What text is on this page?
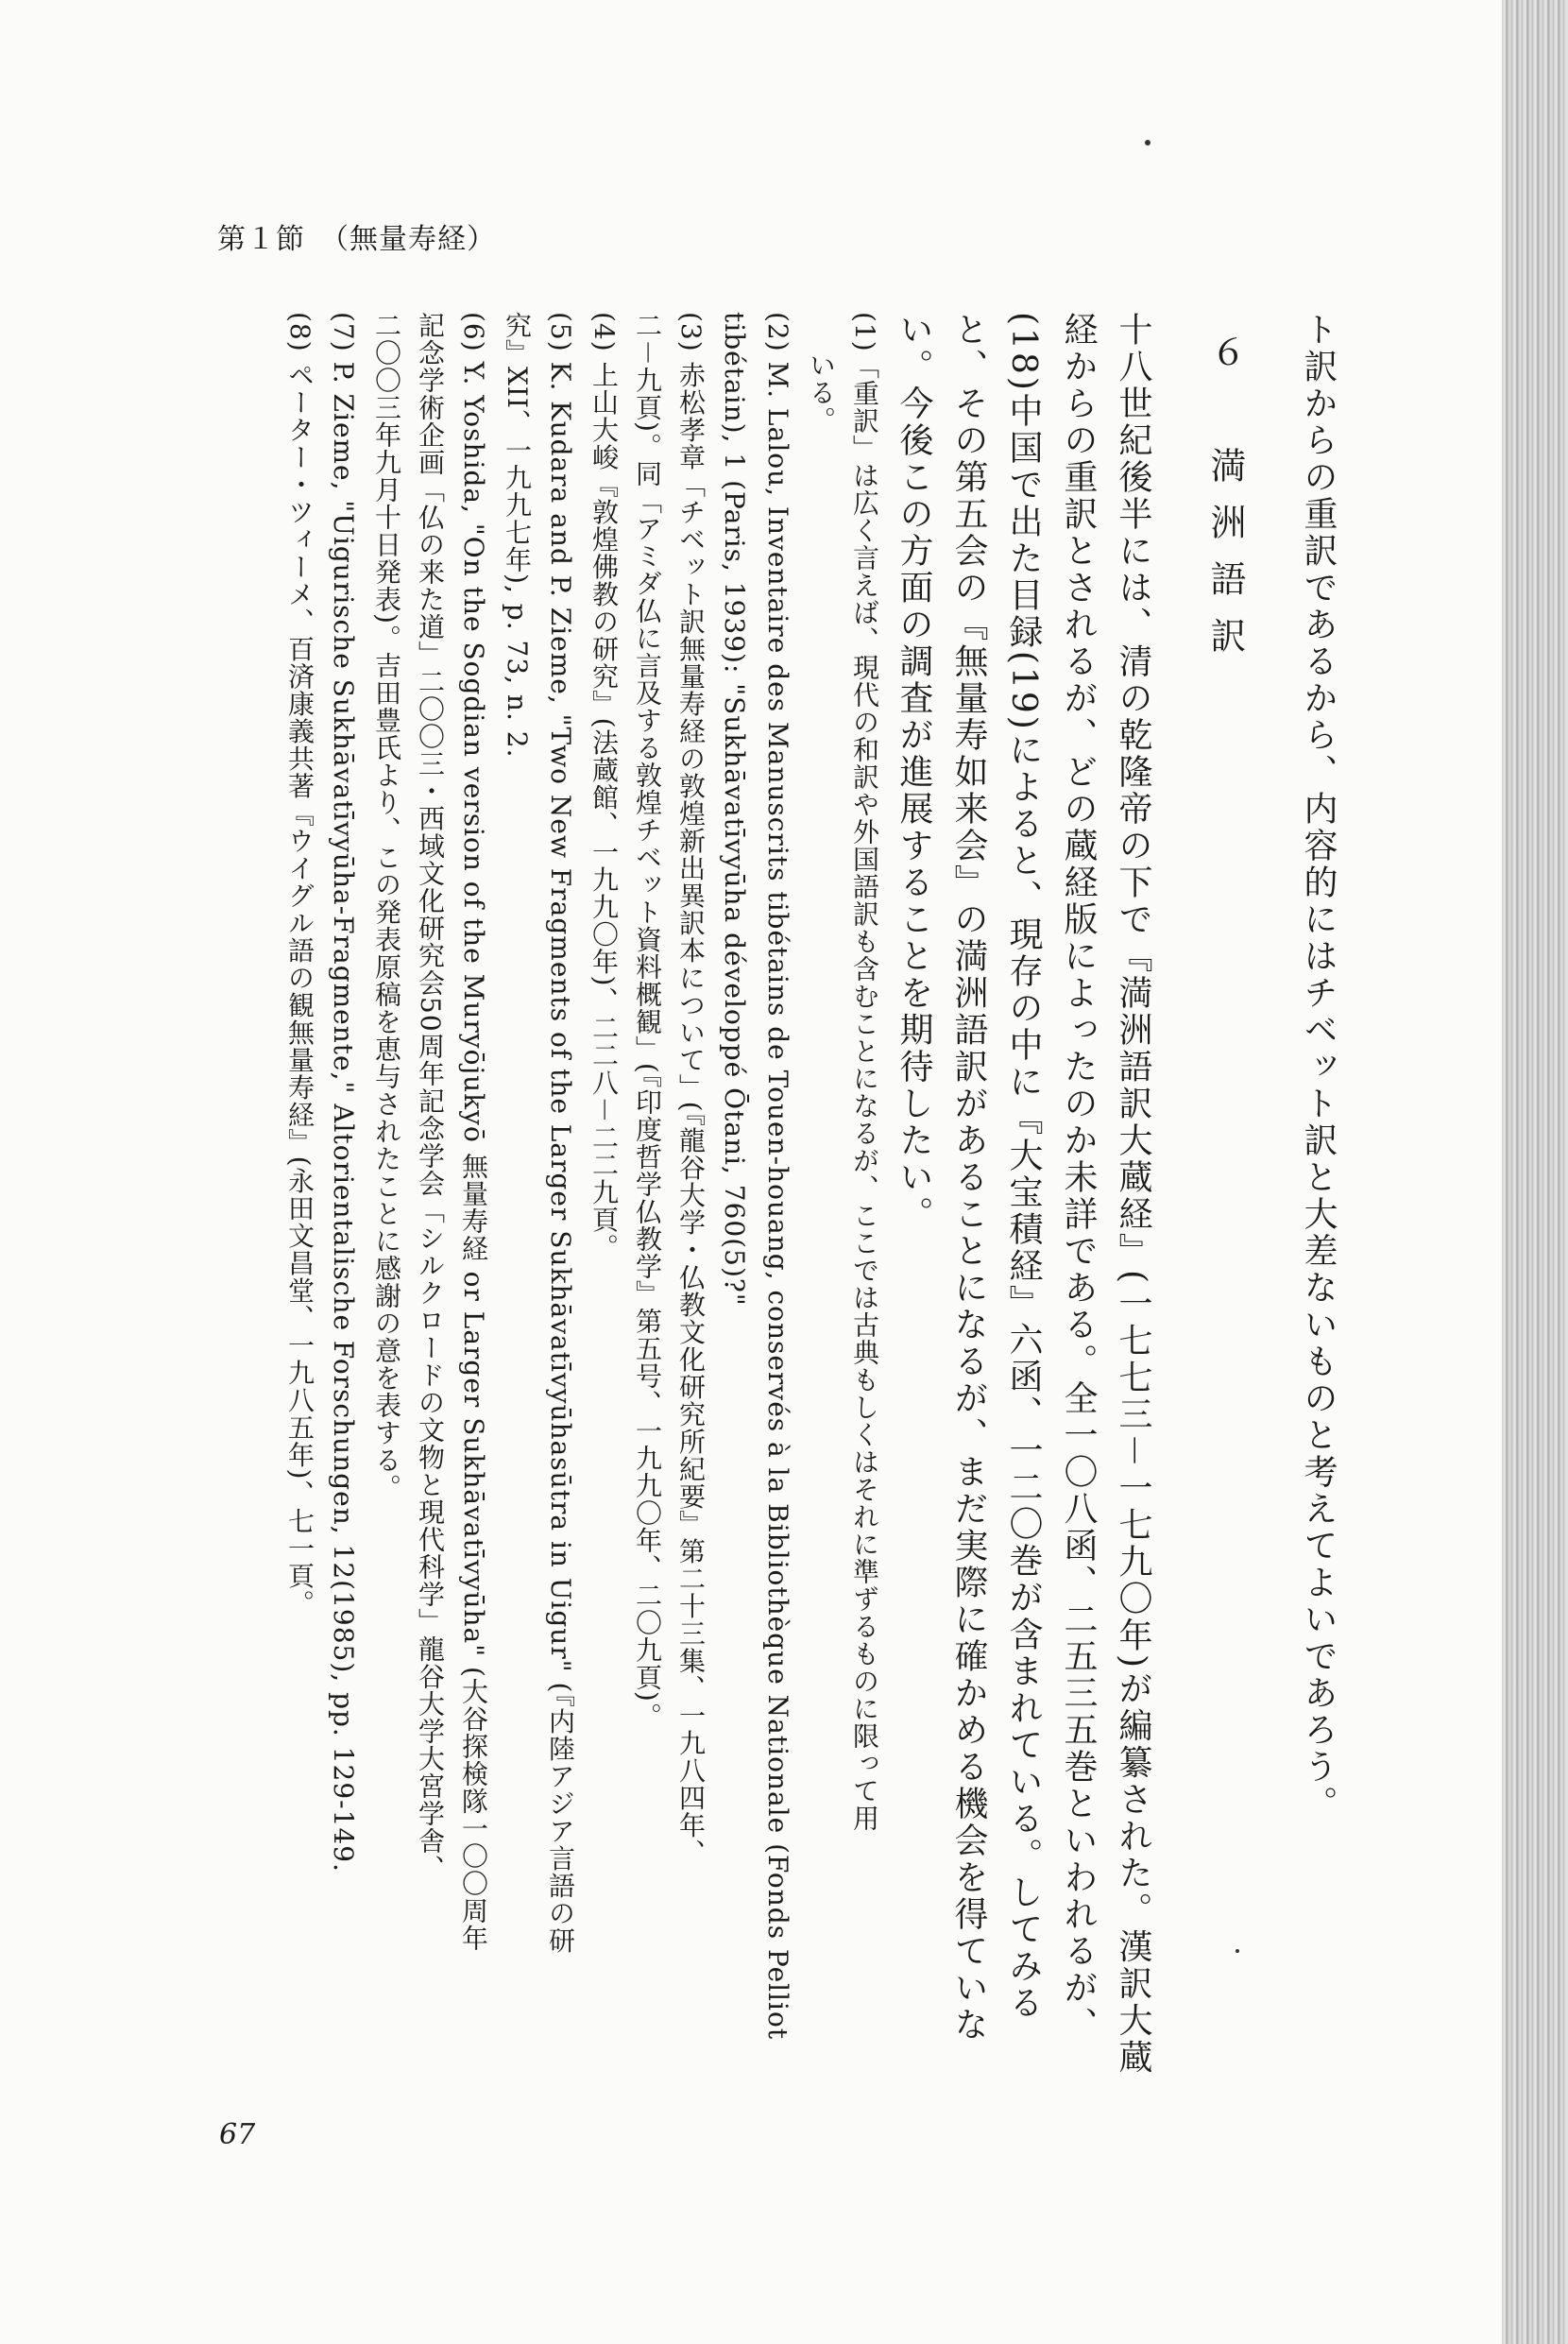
第１節　（無量寿経）

ト訳からの重訳であるから、内容的にはチベット訳と大差ないものと考えてよいであろう。

６　満洲語訳

十八世紀後半には、清の乾隆帝の下で『満洲語訳大蔵経』(一七七三－一七九〇年)が編纂された。漢訳大蔵経からの重訳とされるが、どの蔵経版によったのか未詳である。全一〇八函、二五三五巻といわれるが、(18)中国で出た目録(19)によると、現存の中に『大宝積経』六函、一二〇巻が含まれている。してみると、その第五会の『無量寿如来会』の満洲語訳があることになるが、まだ実際に確かめる機会を得ていない。今後この方面の調査が進展することを期待したい。

(1)「重訳」は広く言えば、現代の和訳や外国語訳も含むことになるが、ここでは古典もしくはそれに準ずるものに限って用

いる。

(2) M. Lalou, Inventaire des Manuscrits tibétains de Touen-houang, conservés à la Bibliothèque Nationale (Fonds Pelliot

tibétain), 1 (Paris, 1939): "Sukhāvatīvyūha développé Ōtani, 760(5)?"

(3) 赤松孝章「チベット訳無量寿経の敦煌新出異訳本について」(『龍谷大学・仏教文化研究所紀要』第二十三集、一九八四年、

二－九頁)。同「アミダ仏に言及する敦煌チベット資料概観」(『印度哲学仏教学』第五号、一九九〇年、二〇九頁)。

(4) 上山大峻『敦煌佛教の研究』(法蔵館、一九九〇年)、二二八－二二九頁。

(5) K. Kudara and P. Zieme, "Two New Fragments of the Larger Sukhāvatīvyūhasūtra in Uigur" (『内陸アジア言語の研

究』XII、一九九七年), p. 73, n. 2.

(6) Y. Yoshida, "On the Sogdian version of the Muryōjukyō 無量寿経 or Larger Sukhāvatīvyūha" (大谷探検隊一〇〇周年

記念学術企画「仏の来た道」二〇〇三・西域文化研究会50周年記念学会「シルクロードの文物と現代科学」龍谷大学大宮学舎、

二〇〇三年九月十日発表)。吉田豊氏より、この発表原稿を恵与されたことに感謝の意を表する。

(7) P. Zieme, "Uigurische Sukhāvatīvyūha-Fragmente," Altorientalische Forschungen, 12(1985), pp. 129-149.

(8) ペーター・ツィーメ、百済康義共著『ウイグル語の観無量寿経』(永田文昌堂、一九八五年)、七一頁。

67
